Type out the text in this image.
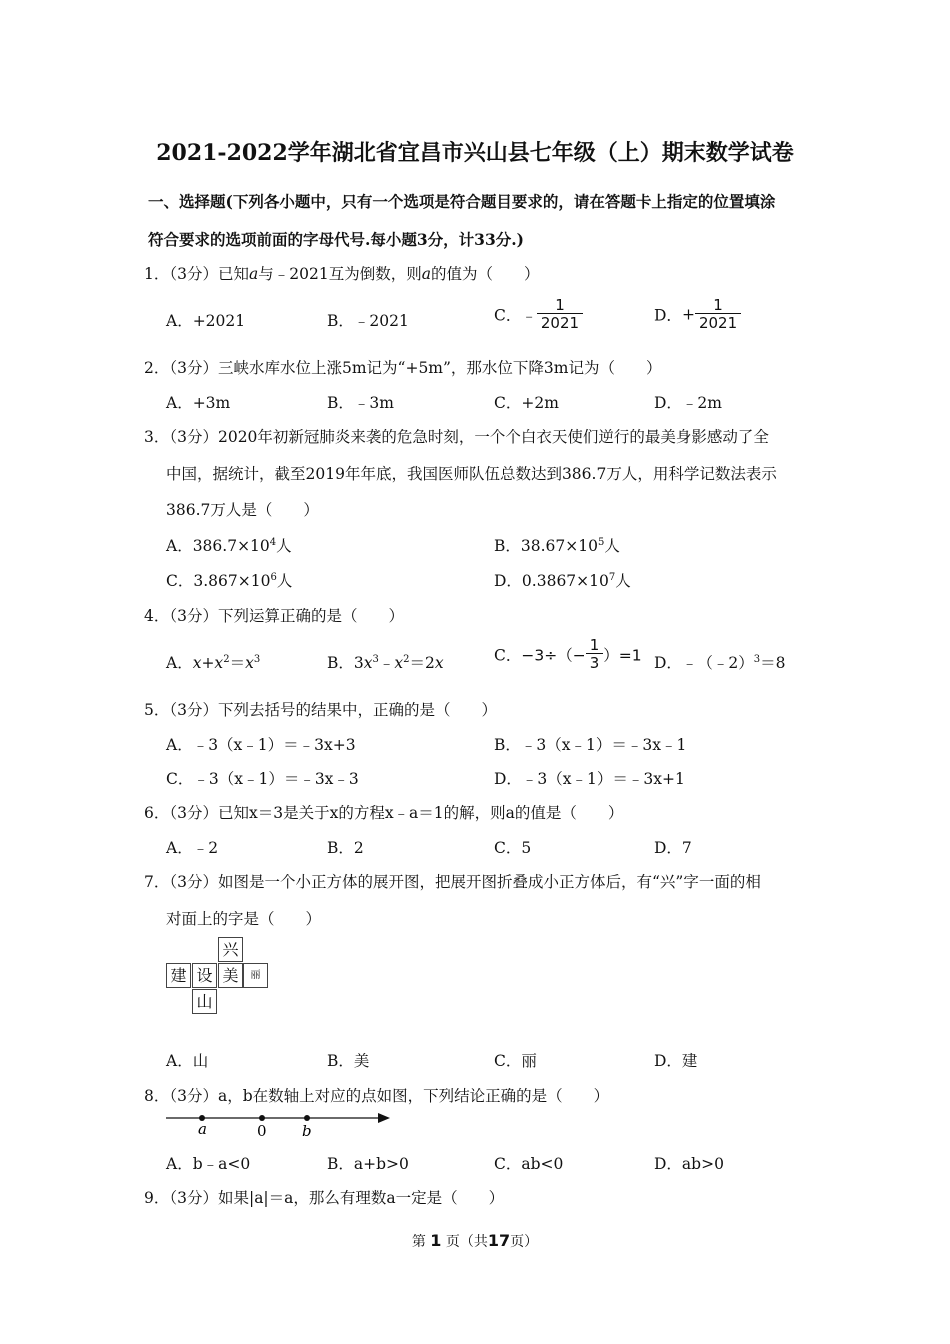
2021-2022学年湖北省宜昌市兴山县七年级（上）期末数学试卷
一、选择题(下列各小题中，只有一个选项是符合题目要求的，请在答题卡上指定的位置填涂
符合要求的选项前面的字母代号.每小题3分，计33分.)
1．（3分）已知a与﹣2021互为倒数，则a的值为（　　）
A．+2021	B．﹣2021	C．﹣ $\frac{1}{2021}$	D．+ $\frac{1}{2021}$
2．（3分）三峡水库水位上涨5m记为“+5m”，那水位下降3m记为（　　）
A．+3m	B．﹣3m	C．+2m	D．﹣2m
3．（3分）2020年初新冠肺炎来袭的危急时刻，一个个白衣天使们逆行的最美身影感动了全
中国，据统计，截至2019年年底，我国医师队伍总数达到386.7万人，用科学记数法表示
386.7万人是（　　）
A．$386.7\times 10^4$人	B．$38.67\times 10^5$人
C．$3.867\times 10^6$人	D．$0.3867\times 10^7$人
4．（3分）下列运算正确的是（　　）
A．$x+x^2=x^3$	B．$3x^3﹣x^2=2x$	C．$-3\div(- \frac{1}{3} )=1$ D．﹣（﹣2）$^3$＝8
5．（3分）下列去括号的结果中，正确的是（　　）
A．﹣3（x﹣1）＝﹣3x+3	B．﹣3（x﹣1）＝﹣3x﹣1
C．﹣3（x﹣1）＝﹣3x﹣3	D．﹣3（x﹣1）＝﹣3x+1
6．（3分）已知x＝3是关于x的方程x﹣a＝1的解，则a的值是（　　）
A．﹣2	B．2	C．5	D．7
7．（3分）如图是一个小正方体的展开图，把展开图折叠成小正方体后，有“兴”字一面的相
对面上的字是（　　）
兴
建 设 美	丽
山
A．山	B．美	C．丽	D．建
8．（3分）a，b在数轴上对应的点如图，下列结论正确的是（　　）
a	0 b
A．b﹣a<0	B．a+b>0	C．ab<0	D．ab>0
9．（3分）如果|a|＝a，那么有理数a一定是（　　）
第 1 页（共17页）
